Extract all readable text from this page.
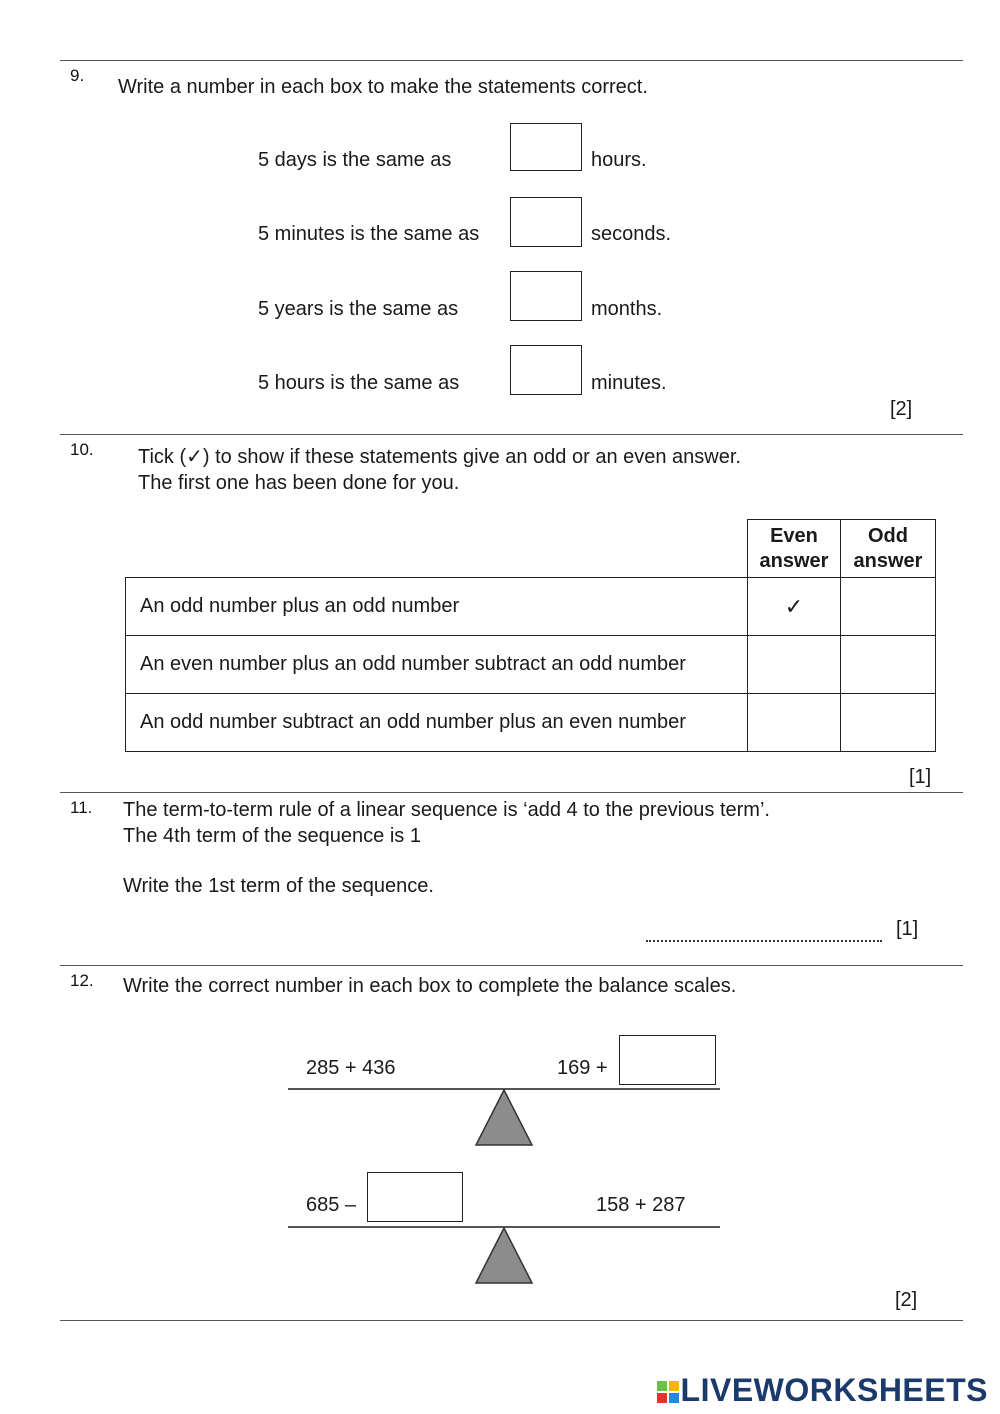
9.
Write a number in each box to make the statements correct.
5 days is the same as	hours.
5 minutes is the same as	seconds.
5 years is the same as	months.
5 hours is the same as	minutes.
[2]
10. Tick (✓) to show if these statements give an odd or an even answer.
The first one has been done for you.
	Even
answer	Odd
answer
An odd number plus an odd number	✓	
An even number plus an odd number subtract an odd number		
An odd number subtract an odd number plus an even number		
[1]
11. The term-to-term rule of a linear sequence is ‘add 4 to the previous term’.
The 4th term of the sequence is 1
Write the 1st term of the sequence.
[1]
12. Write the correct number in each box to complete the balance scales.
285 + 436	169 +
685 –	158 + 287
[2]
LIVEWORKSHEETS
